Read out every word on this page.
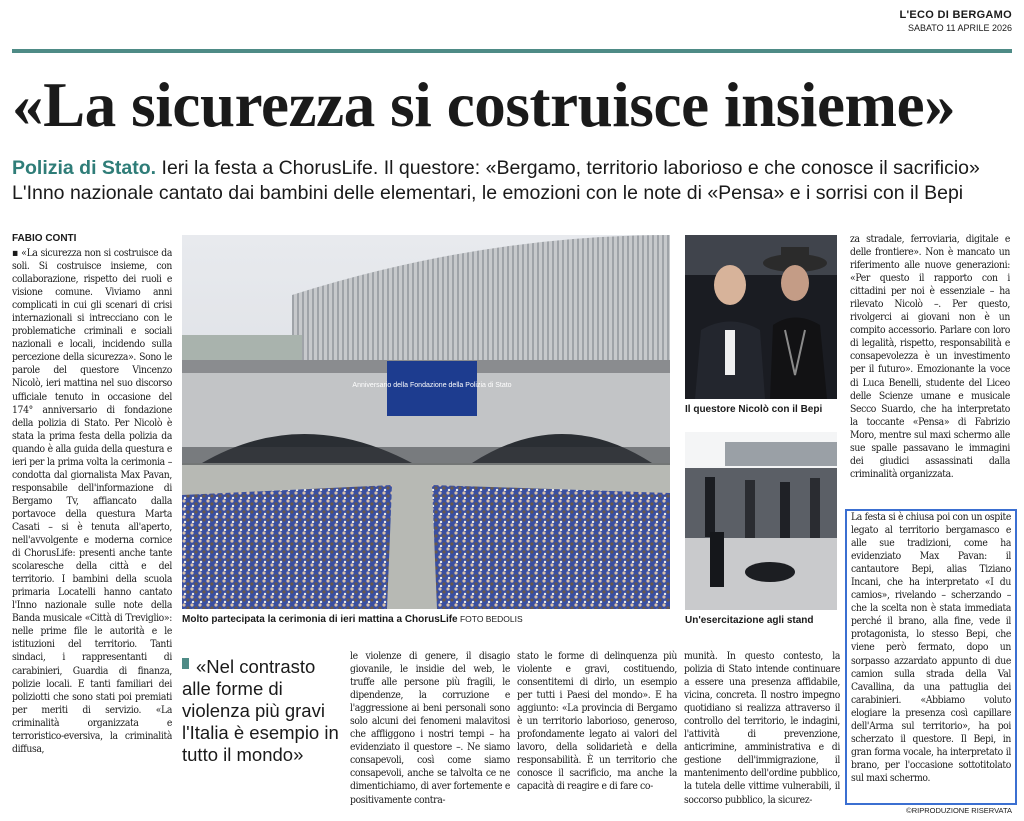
L'ECO DI BERGAMO
SABATO 11 APRILE 2026
«La sicurezza si costruisce insieme»
Polizia di Stato. Ieri la festa a ChorusLife. Il questore: «Bergamo, territorio laborioso e che conosce il sacrificio»
L'Inno nazionale cantato dai bambini delle elementari, le emozioni con le note di «Pensa» e i sorrisi con il Bepi
FABIO CONTI
▪ «La sicurezza non si costruisce da soli. Si costruisce insieme, con collaborazione, rispetto dei ruoli e visione comune. Viviamo anni complicati in cui gli scenari di crisi internazionali si intrecciano con le problematiche criminali e sociali nazionali e locali, incidendo sulla percezione della sicurezza». Sono le parole del questore Vincenzo Nicolò, ieri mattina nel suo discorso ufficiale tenuto in occasione del 174° anniversario di fondazione della polizia di Stato. Per Nicolò è stata la prima festa della polizia da quando è alla guida della questura e ieri per la prima volta la cerimonia – condotta dal giornalista Max Pavan, responsabile dell'informazione di Bergamo Tv, affiancato dalla portavoce della questura Marta Casati – si è tenuta all'aperto, nell'avvolgente e moderna cornice di ChorusLife: presenti anche tante scolaresche della città e del territorio. I bambini della scuola primaria Locatelli hanno cantato l'Inno nazionale sulle note della Banda musicale «Città di Treviglio»: nelle prime file le autorità e le istituzioni del territorio. Tanti sindaci, i rappresentanti di carabinieri, Guardia di finanza, polizie locali. E tanti familiari dei poliziotti che sono stati poi premiati per meriti di servizio. «La criminalità organizzata e terroristico-eversiva, la criminalità diffusa,
Anniversario della Fondazione della Polizia di Stato
Molto partecipata la cerimonia di ieri mattina a ChorusLife FOTO BEDOLIS
Il questore Nicolò con il Bepi
Un'esercitazione agli stand
«Nel contrasto alle forme di violenza più gravi l'Italia è esempio in tutto il mondo»
le violenze di genere, il disagio giovanile, le insidie del web, le truffe alle persone più fragili, le dipendenze, la corruzione e l'aggressione ai beni personali sono solo alcuni dei fenomeni malavitosi che affliggono i nostri tempi – ha evidenziato il questore –. Ne siamo consapevoli, così come siamo consapevoli, anche se talvolta ce ne dimentichiamo, di aver fortemente e positivamente contra-
stato le forme di delinquenza più violente e gravi, costituendo, consentitemi di dirlo, un esempio per tutti i Paesi del mondo». E ha aggiunto: «La provincia di Bergamo è un territorio laborioso, generoso, profondamente legato ai valori del lavoro, della solidarietà e della responsabilità. È un territorio che conosce il sacrificio, ma anche la capacità di reagire e di fare co-
munità. In questo contesto, la polizia di Stato intende continuare a essere una presenza affidabile, vicina, concreta. Il nostro impegno quotidiano si realizza attraverso il controllo del territorio, le indagini, l'attività di prevenzione, anticrimine, amministrativa e di gestione dell'immigrazione, il mantenimento dell'ordine pubblico, la tutela delle vittime vulnerabili, il soccorso pubblico, la sicurez-
za stradale, ferroviaria, digitale e delle frontiere». Non è mancato un riferimento alle nuove generazioni: «Per questo il rapporto con i cittadini per noi è essenziale – ha rilevato Nicolò –. Per questo, rivolgerci ai giovani non è un compito accessorio. Parlare con loro di legalità, rispetto, responsabilità e consapevolezza è un investimento per il futuro». Emozionante la voce di Luca Benelli, studente del Liceo delle Scienze umane e musicale Secco Suardo, che ha interpretato la toccante «Pensa» di Fabrizio Moro, mentre sul maxi schermo alle sue spalle passavano le immagini dei giudici assassinati dalla criminalità organizzata.
La festa si è chiusa poi con un ospite legato al territorio bergamasco e alle sue tradizioni, come ha evidenziato Max Pavan: il cantautore Bepi, alias Tiziano Incani, che ha interpretato «I du camios», rivelando – scherzando – che la scelta non è stata immediata perché il brano, alla fine, vede il protagonista, lo stesso Bepi, che viene però fermato, dopo un sorpasso azzardato appunto di due camion sulla strada della Val Cavallina, da una pattuglia dei carabinieri. «Abbiamo voluto elogiare la presenza così capillare dell'Arma sul territorio», ha poi scherzato il questore. Il Bepi, in gran forma vocale, ha interpretato il brano, per l'occasione sottotitolato sul maxi schermo.
©RIPRODUZIONE RISERVATA
